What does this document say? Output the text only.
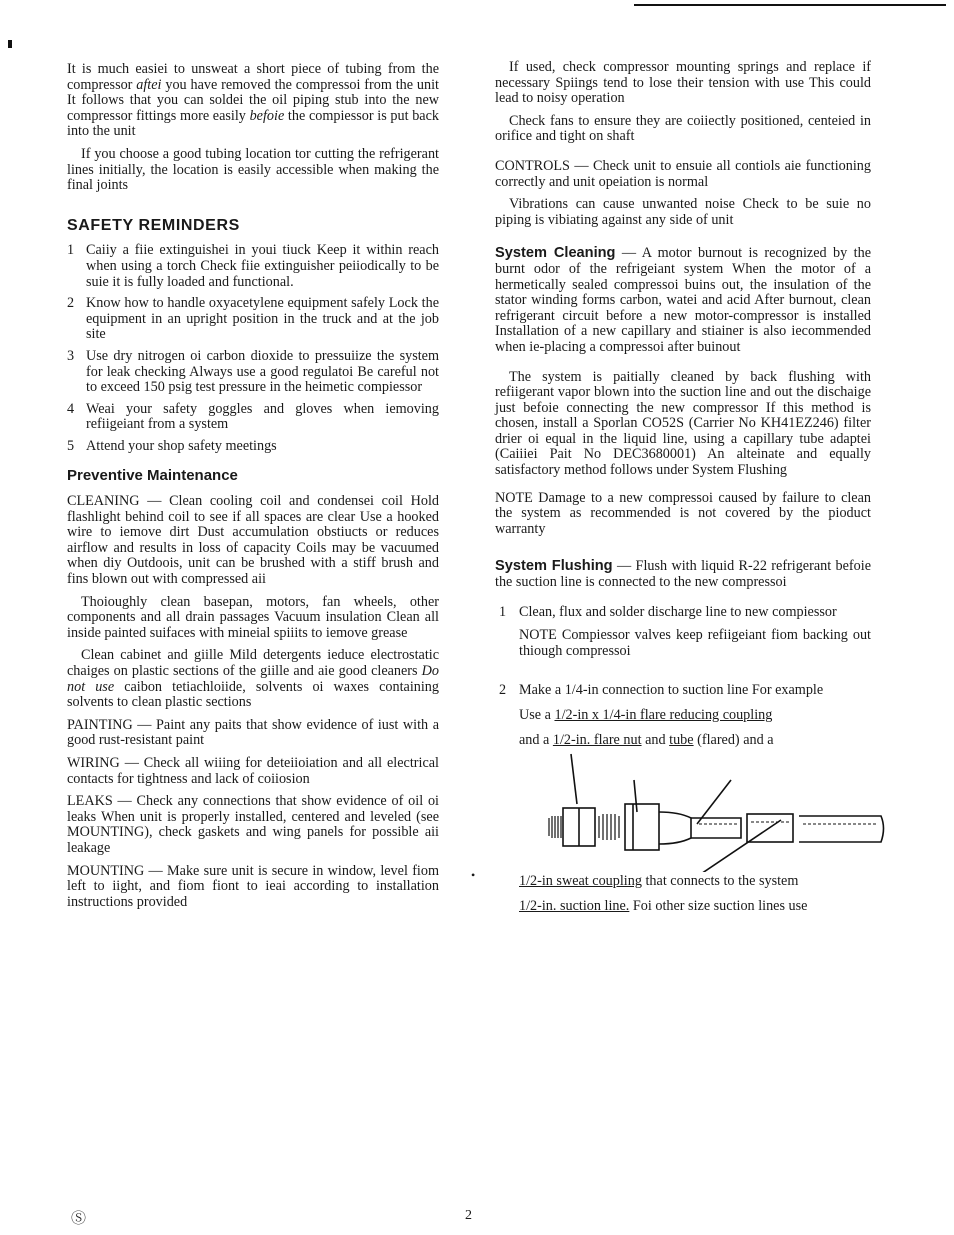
It is much easiei to unsweat a short piece of tubing from the compressor aftei you have removed the compressoi from the unit It follows that you can soldei the oil piping stub into the new compressor fittings more easily befoie the compiessor is put back into the unit

If you choose a good tubing location tor cutting the refrigerant lines initially, the location is easily accessible when making the final joints

SAFETY REMINDERS
1 Caiiy a fiie extinguishei in youi tiuck Keep it within reach when using a torch Check fiie extinguisher peiiodically to be suie it is fully loaded and functional.
2 Know how to handle oxyacetylene equipment safely Lock the equipment in an upright position in the truck and at the job site
3 Use dry nitrogen oi carbon dioxide to pressuiize the system for leak checking Always use a good regulatoi Be careful not to exceed 150 psig test pressure in the heimetic compiessor
4 Weai your safety goggles and gloves when iemoving refiigeiant from a system
5 Attend your shop safety meetings
Preventive Maintenance

CLEANING — Clean cooling coil and condensei coil Hold flashlight behind coil to see if all spaces are clear Use a hooked wire to iemove dirt Dust accumulation obstiucts or reduces airflow and results in loss of capacity Coils may be vacuumed when diy Outdoois, unit can be brushed with a stiff brush and fins blown out with compressed aii

Thoioughly clean basepan, motors, fan wheels, other components and all drain passages Vacuum insulation Clean all inside painted suifaces with mineial spiiits to iemove grease

Clean cabinet and giille Mild detergents ieduce electrostatic chaiges on plastic sections of the giille and aie good cleaners Do not use caibon tetiachloiide, solvents oi waxes containing solvents to clean plastic sections

PAINTING — Paint any paits that show evidence of iust with a good rust-resistant paint

WIRING — Check all wiiing for deteiioiation and all electrical contacts for tightness and lack of coiiosion

LEAKS — Check any connections that show evidence of oil oi leaks When unit is properly installed, centered and leveled (see MOUNTING), check gaskets and wing panels for possible aii leakage

MOUNTING — Make sure unit is secure in window, level fiom left to iight, and fiom fiont to ieai according to installation instructions provided

If used, check compressor mounting springs and replace if necessary Spiings tend to lose their tension with use This could lead to noisy operation

Check fans to ensure they are coiiectly positioned, centeied in orifice and tight on shaft

CONTROLS — Check unit to ensuie all contiols aie functioning correctly and unit opeiation is normal

Vibrations can cause unwanted noise Check to be suie no piping is vibiating against any side of unit

System Cleaning — A motor burnout is recognized by the burnt odor of the refrigeiant system When the motor of a hermetically sealed compressoi buins out, the insulation of the stator winding forms carbon, watei and acid After burnout, clean refrigerant circuit before a new motor-compressor is installed Installation of a new capillary and stiainer is also iecommended when ie-placing a compressoi after buinout

The system is paitially cleaned by back flushing with refiigerant vapor blown into the suction line and out the dischaige just befoie connecting the new compressor If this method is chosen, install a Sporlan CO52S (Carrier No KH41EZ246) filter drier oi equal in the liquid line, using a capillary tube adaptei (Caiiiei Pait No DEC3680001) An alteinate and equally satisfactory method follows under System Flushing

NOTE Damage to a new compressoi caused by failure to clean the system as recommended is not covered by the pioduct warranty

System Flushing — Flush with liquid R-22 refrigerant befoie the suction line is connected to the new compressoi

1 Clean, flux and solder discharge line to new compiessor

NOTE Compiessor valves keep refiigeiant fiom backing out thiough compressoi

2 Make a 1/4-in connection to suction line For example

Use a 1/2-in x 1/4-in flare reducing coupling

and a 1/2-in. flare nut and tube (flared) and a

1/2-in sweat coupling that connects to the system

1/2-in. suction line. Foi other size suction lines use

•
Ⓢ	2
